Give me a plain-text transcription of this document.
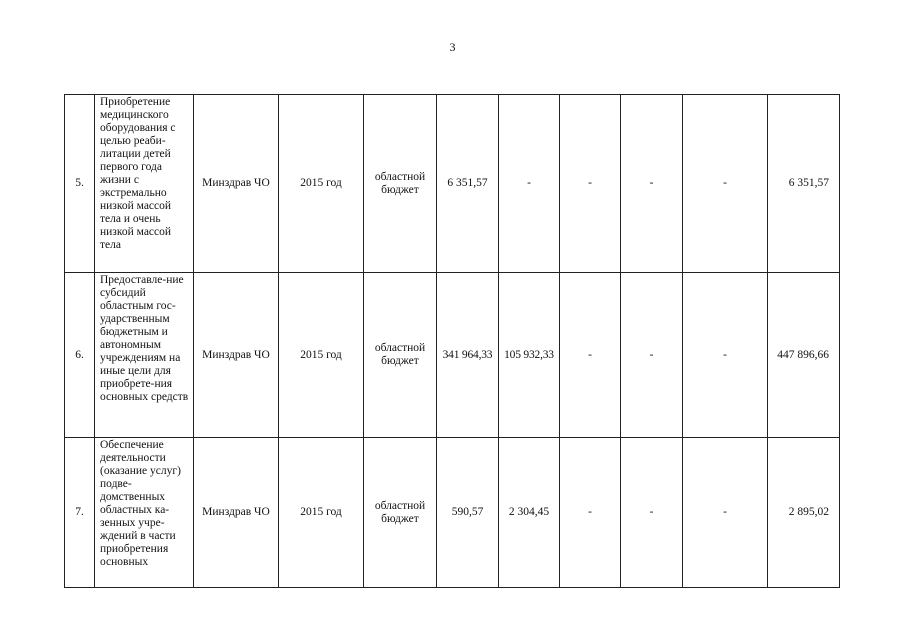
3
5.	Приобретение медицинского оборудования с целью реаби-литации детей первого года жизни с экстремально низкой массой тела и очень низкой массой тела	Минздрав ЧО	2015 год	областной бюджет	6 351,57	-	-	-	-	6 351,57
6.	Предоставле-ние субсидий областным гос-ударственным бюджетным и автономным учреждениям на иные цели для приобрете-ния основных средств	Минздрав ЧО	2015 год	областной бюджет	341 964,33	105 932,33	-	-	-	447 896,66
7.	Обеспечение деятельности (оказание услуг) подве-домственных областных ка-зенных учре-ждений в части приобретения основных	Минздрав ЧО	2015 год	областной бюджет	590,57	2 304,45	-	-	-	2 895,02
